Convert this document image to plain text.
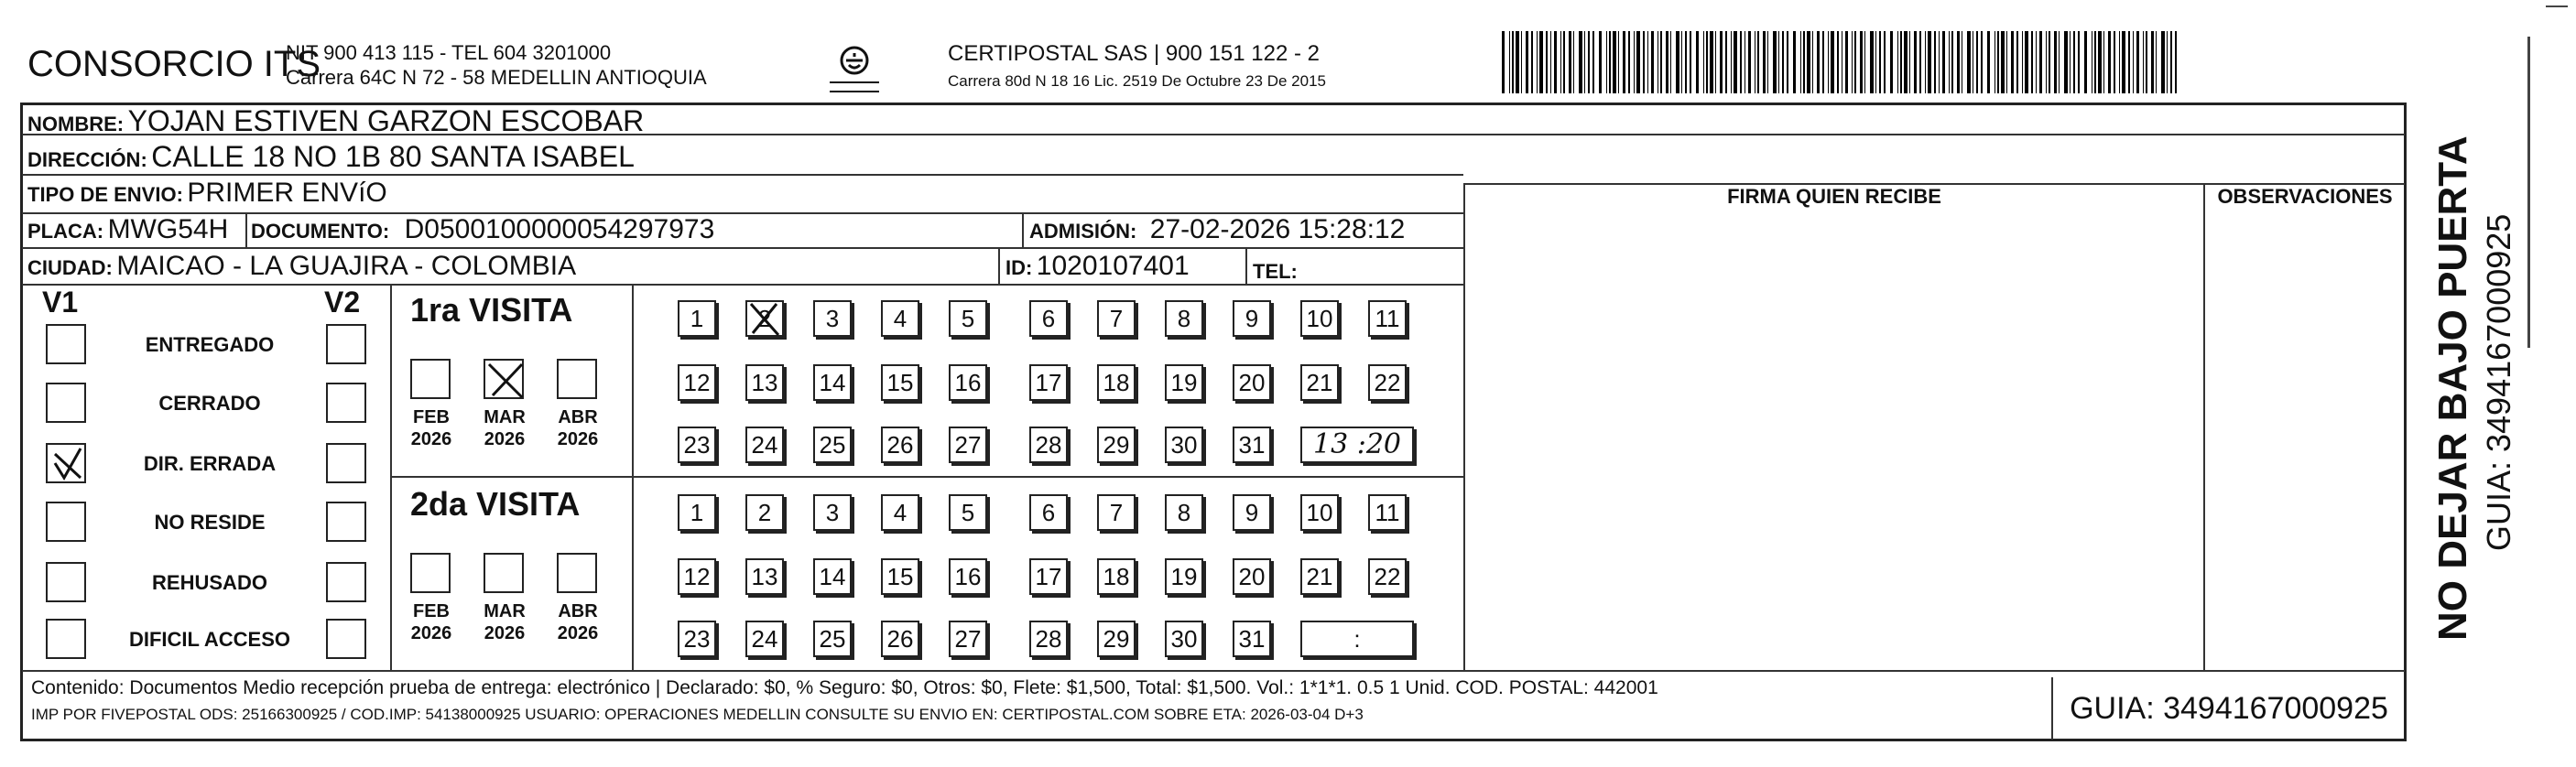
CONSORCIO ITS
NIT 900 413 115 - TEL 604 3201000
Carrera 64C N 72 - 58 MEDELLIN ANTIOQUIA
CERTIPOSTAL SAS | 900 151 122 - 2
Carrera 80d N 18 16 Lic. 2519 De Octubre 23 De 2015
NOMBRE: YOJAN ESTIVEN GARZON ESCOBAR
DIRECCIÓN: CALLE 18 NO 1B 80 SANTA ISABEL
TIPO DE ENVIO: PRIMER ENVíO
PLACA: MWG54H DOCUMENTO: D0500100000054297973	ADMISIÓN: 27-02-2026 15:28:12
CIUDAD: MAICAO - LA GUAJIRA - COLOMBIA	ID: 1020107401	TEL:
FIRMA QUIEN RECIBE	OBSERVACIONES
V1	V2
ENTREGADO
CERRADO
DIR. ERRADA
NO RESIDE
REHUSADO
DIFICIL ACCESO
1ra VISITA
FEB
2026
MAR
2026
ABR
2026
1	2	3	4	5	6	7	8	9	10 11
12 13 14 15 16 17 18 19 20 21 22
23 24 25 26 27 28 29 30 31	13 :20
2da VISITA
FEB
2026
MAR
2026
ABR
2026
1	2	3	4	5	6	7	8	9	10 11
12 13 14 15 16 17 18 19 20 21 22
23 24 25 26 27 28 29 30 31	:
Contenido: Documentos Medio recepción prueba de entrega: electrónico | Declarado: $0, % Seguro: $0, Otros: $0, Flete: $1,500, Total: $1,500. Vol.: 1*1*1. 0.5 1 Unid. COD. POSTAL: 442001
IMP POR FIVEPOSTAL ODS: 25166300925 / COD.IMP: 54138000925 USUARIO: OPERACIONES MEDELLIN CONSULTE SU ENVIO EN: CERTIPOSTAL.COM SOBRE ETA: 2026-03-04 D+3	GUIA: 3494167000925
NO DEJAR BAJO PUERTA GUIA: 3494167000925
